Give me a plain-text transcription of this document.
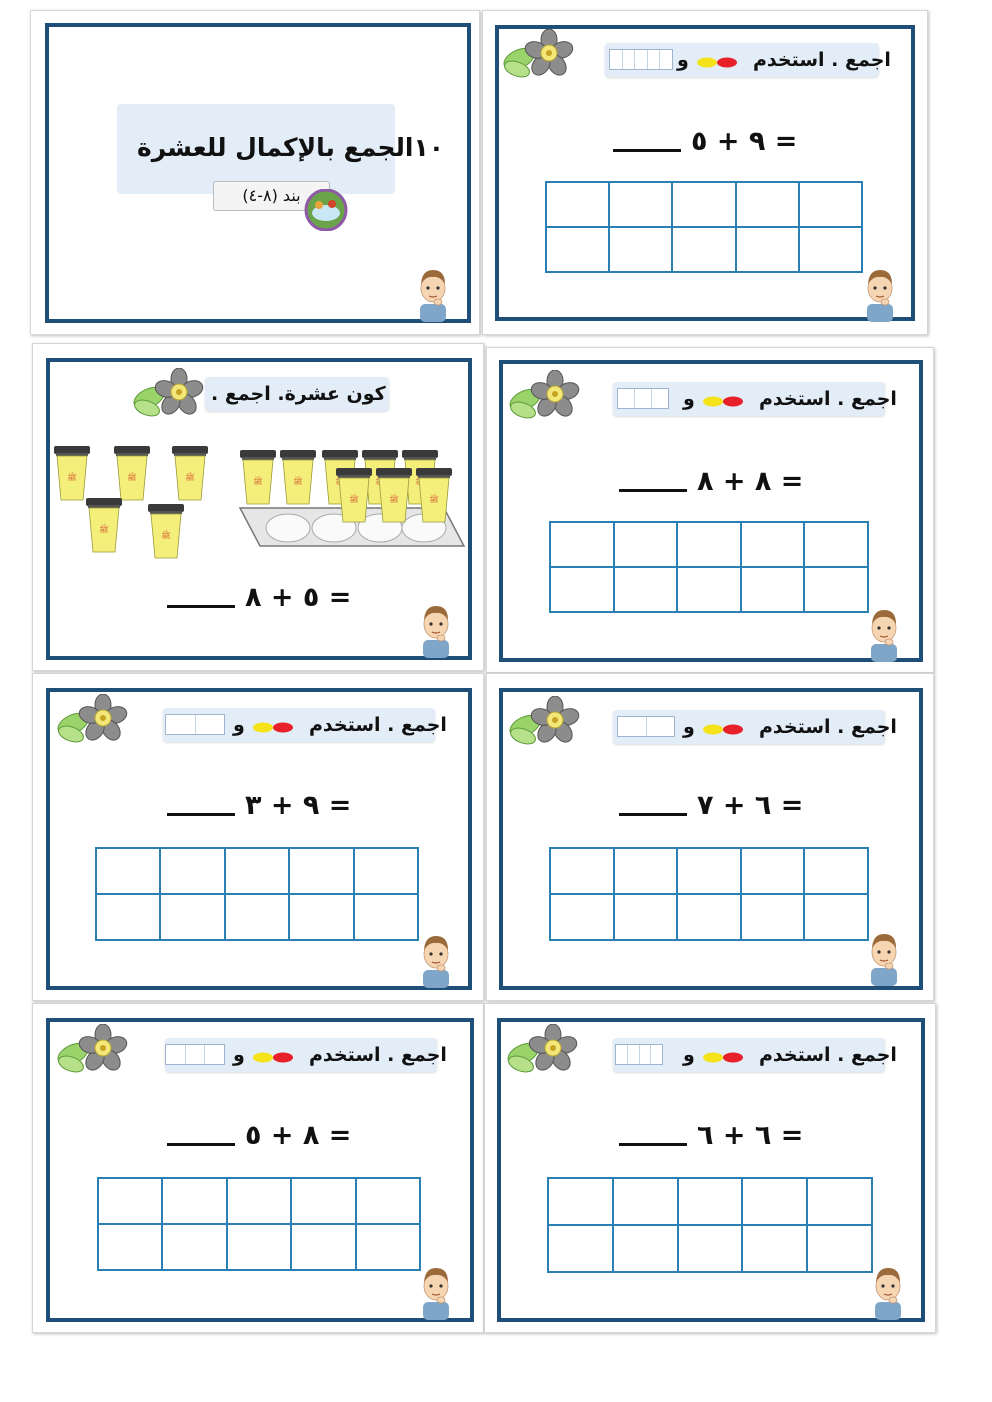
١٠الجمع بالإكمال للعشرة
بند (٨-٤)
اجمع . استخدم
و
٩ + ٥ =
كون عشرة. اجمع .
٥ + ٨ =
اجمع . استخدم
و
٨ + ٨ =
اجمع . استخدم
و
٩ + ٣ =
اجمع . استخدم
و
٦ + ٧ =
اجمع . استخدم
و
٨ + ٥ =
اجمع . استخدم
و
٦ + ٦ =
